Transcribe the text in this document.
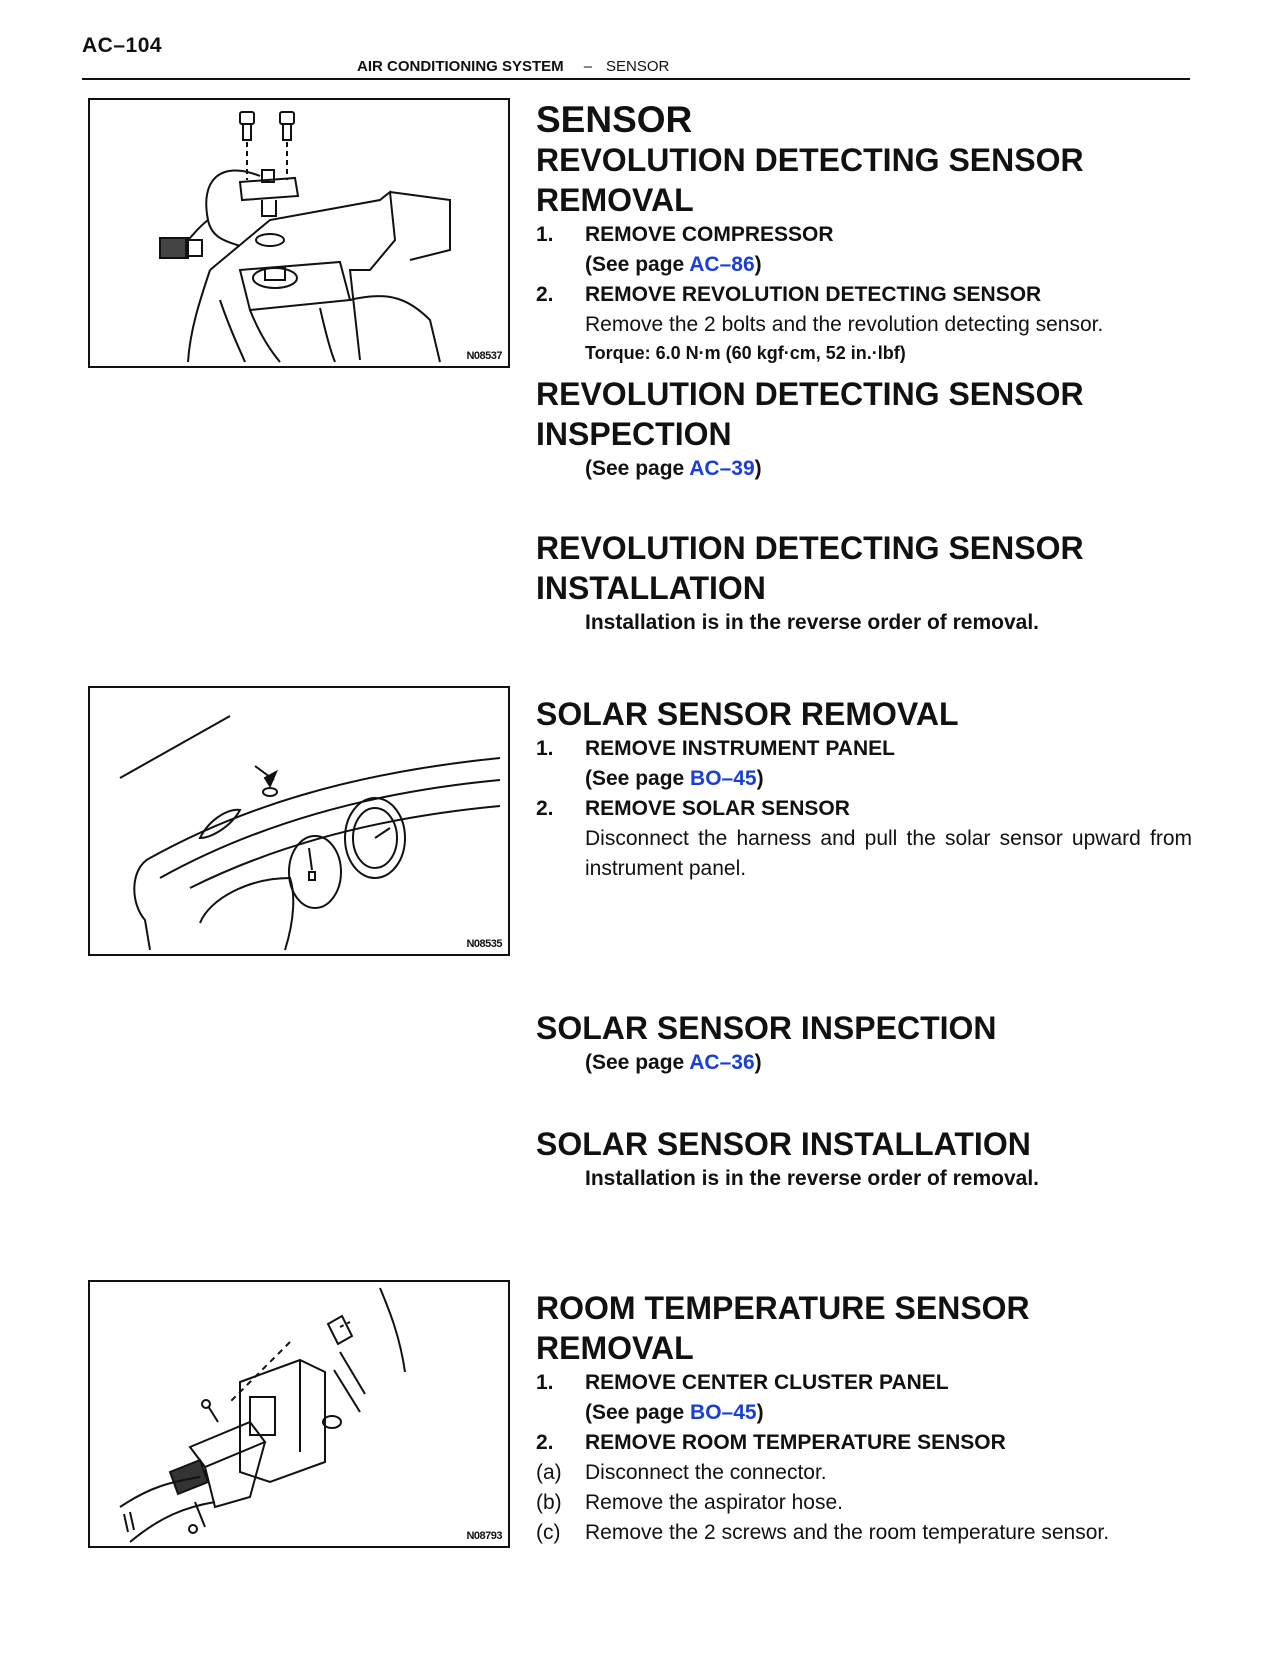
AC–104
AIR CONDITIONING SYSTEM – SENSOR
N08537
N08535
N08793
SENSOR
REVOLUTION DETECTING SENSOR
REMOVAL
1.	REMOVE COMPRESSOR
(See page AC–86)
2.	REMOVE REVOLUTION DETECTING SENSOR
Remove the 2 bolts and the revolution detecting sensor.
Torque: 6.0 N·m (60 kgf·cm, 52 in.·lbf)
REVOLUTION DETECTING SENSOR
INSPECTION
(See page AC–39)
REVOLUTION DETECTING SENSOR
INSTALLATION
Installation is in the reverse order of removal.
SOLAR SENSOR REMOVAL
1.	REMOVE INSTRUMENT PANEL
(See page BO–45)
2.	REMOVE SOLAR SENSOR
Disconnect the harness and pull the solar sensor upward from instrument panel.
SOLAR SENSOR INSPECTION
(See page AC–36)
SOLAR SENSOR INSTALLATION
Installation is in the reverse order of removal.
ROOM TEMPERATURE SENSOR
REMOVAL
1.	REMOVE CENTER CLUSTER PANEL
(See page BO–45)
2.	REMOVE ROOM TEMPERATURE SENSOR
(a)	Disconnect the connector.
(b)	Remove the aspirator hose.
(c)	Remove the 2 screws and the room temperature sensor.
